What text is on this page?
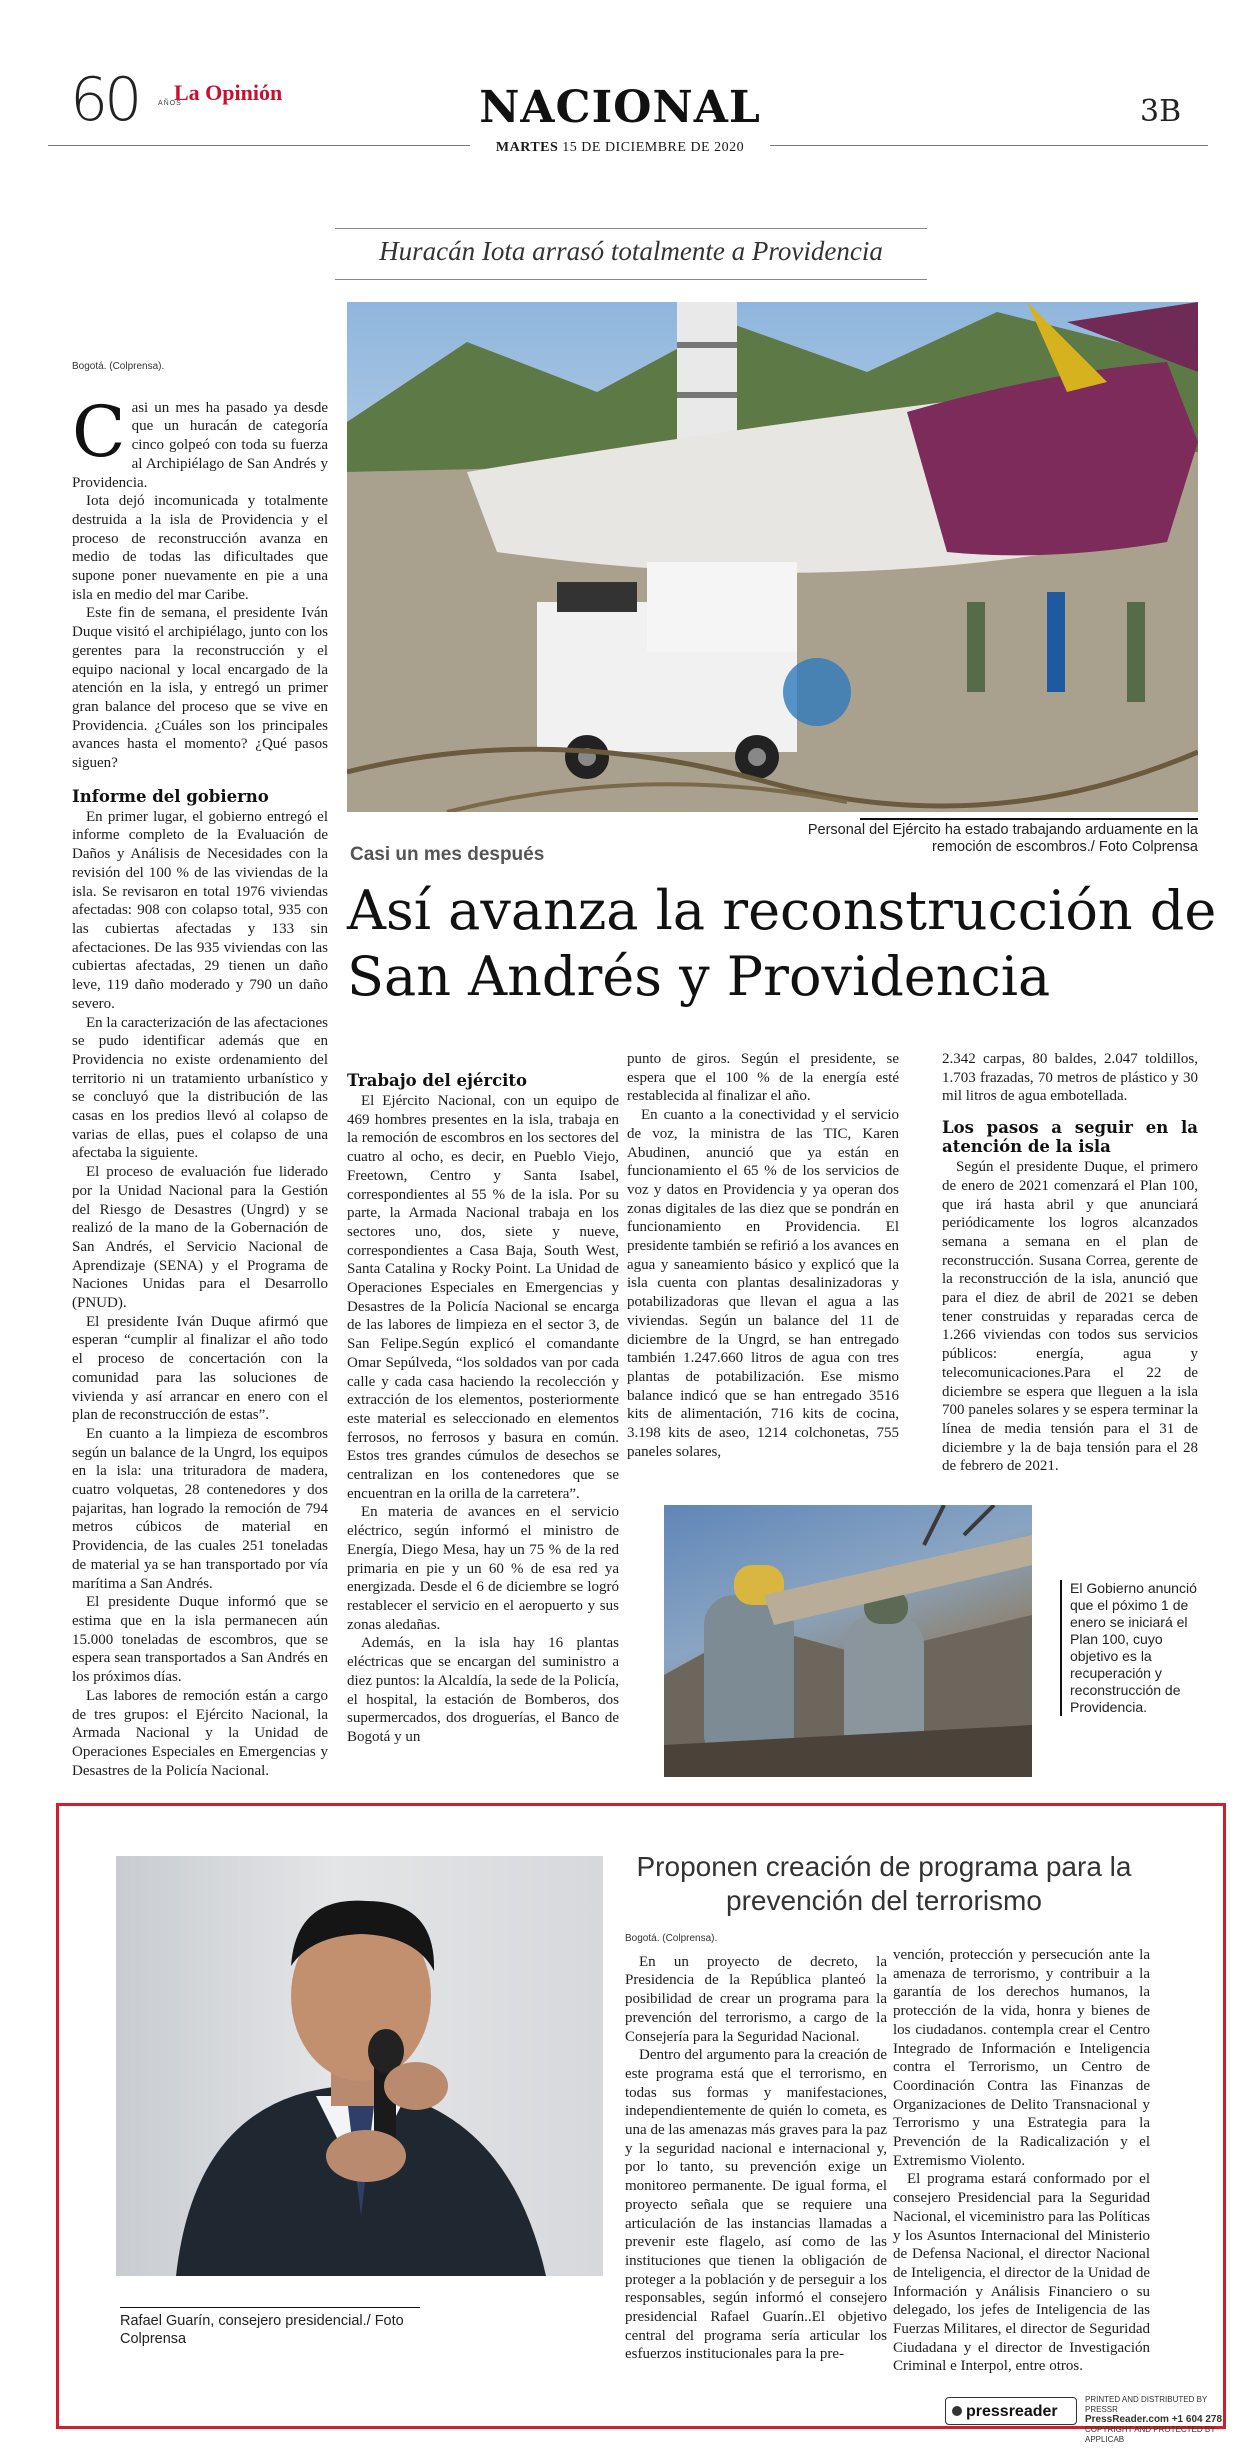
60	AÑOS
La Opinión	NACIONAL	3B
MARTES 15 DE DICIEMBRE DE 2020
Huracán Iota arrasó totalmente a Providencia
Personal del Ejército ha estado trabajando arduamente en la remoción de escombros./ Foto Colprensa
Casi un mes después
Así avanza la reconstrucción de San Andrés y Providencia
Bogotá. (Colprensa).

Casi un mes ha pasado ya desde que un huracán de categoría cinco golpeó con toda su fuerza al Archipiélago de San Andrés y Providencia.

Iota dejó incomunicada y totalmente destruida a la isla de Providencia y el proceso de reconstrucción avanza en medio de todas las dificultades que supone poner nuevamente en pie a una isla en medio del mar Caribe.

Este fin de semana, el presidente Iván Duque visitó el archipiélago, junto con los gerentes para la reconstrucción y el equipo nacional y local encargado de la atención en la isla, y entregó un primer gran balance del proceso que se vive en Providencia. ¿Cuáles son los principales avances hasta el momento? ¿Qué pasos siguen?

Informe del gobierno

En primer lugar, el gobierno entregó el informe completo de la Evaluación de Daños y Análisis de Necesidades con la revisión del 100 % de las viviendas de la isla. Se revisaron en total 1976 viviendas afectadas: 908 con colapso total, 935 con las cubiertas afectadas y 133 sin afectaciones. De las 935 viviendas con las cubiertas afectadas, 29 tienen un daño leve, 119 daño moderado y 790 un daño severo.

En la caracterización de las afectaciones se pudo identificar además que en Providencia no existe ordenamiento del territorio ni un tratamiento urbanístico y se concluyó que la distribución de las casas en los predios llevó al colapso de varias de ellas, pues el colapso de una afectaba la siguiente.

El proceso de evaluación fue liderado por la Unidad Nacional para la Gestión del Riesgo de Desastres (Ungrd) y se realizó de la mano de la Gobernación de San Andrés, el Servicio Nacional de Aprendizaje (SENA) y el Programa de Naciones Unidas para el Desarrollo (PNUD).

El presidente Iván Duque afirmó que esperan “cumplir al finalizar el año todo el proceso de concertación con la comunidad para las soluciones de vivienda y así arrancar en enero con el plan de reconstrucción de estas”.

En cuanto a la limpieza de escombros según un balance de la Ungrd, los equipos en la isla: una trituradora de madera, cuatro volquetas, 28 contenedores y dos pajaritas, han logrado la remoción de 794 metros cúbicos de material en Providencia, de las cuales 251 toneladas de material ya se han transportado por vía marítima a San Andrés.

El presidente Duque informó que se estima que en la isla permanecen aún 15.000 toneladas de escombros, que se espera sean transportados a San Andrés en los próximos días.

Las labores de remoción están a cargo de tres grupos: el Ejército Nacional, la Armada Nacional y la Unidad de Operaciones Especiales en Emergencias y Desastres de la Policía Nacional.

Trabajo del ejército

El Ejército Nacional, con un equipo de 469 hombres presentes en la isla, trabaja en la remoción de escombros en los sectores del cuatro al ocho, es decir, en Pueblo Viejo, Freetown, Centro y Santa Isabel, correspondientes al 55 % de la isla. Por su parte, la Armada Nacional trabaja en los sectores uno, dos, siete y nueve, correspondientes a Casa Baja, South West, Santa Catalina y Rocky Point. La Unidad de Operaciones Especiales en Emergencias y Desastres de la Policía Nacional se encarga de las labores de limpieza en el sector 3, de San Felipe.Según explicó el comandante Omar Sepúlveda, “los soldados van por cada calle y cada casa haciendo la recolección y extracción de los elementos, posteriormente este material es seleccionado en elementos ferrosos, no ferrosos y basura en común. Estos tres grandes cúmulos de desechos se centralizan en los contenedores que se encuentran en la orilla de la carretera”.

En materia de avances en el servicio eléctrico, según informó el ministro de Energía, Diego Mesa, hay un 75 % de la red primaria en pie y un 60 % de esa red ya energizada. Desde el 6 de diciembre se logró restablecer el servicio en el aeropuerto y sus zonas aledañas.

Además, en la isla hay 16 plantas eléctricas que se encargan del suministro a diez puntos: la Alcaldía, la sede de la Policía, el hospital, la estación de Bomberos, dos supermercados, dos droguerías, el Banco de Bogotá y un

punto de giros. Según el presidente, se espera que el 100 % de la energía esté restablecida al finalizar el año.

En cuanto a la conectividad y el servicio de voz, la ministra de las TIC, Karen Abudinen, anunció que ya están en funcionamiento el 65 % de los servicios de voz y datos en Providencia y ya operan dos zonas digitales de las diez que se pondrán en funcionamiento en Providencia. El presidente también se refirió a los avances en agua y saneamiento básico y explicó que la isla cuenta con plantas desalinizadoras y potabilizadoras que llevan el agua a las viviendas. Según un balance del 11 de diciembre de la Ungrd, se han entregado también 1.247.660 litros de agua con tres plantas de potabilización. Ese mismo balance indicó que se han entregado 3516 kits de alimentación, 716 kits de cocina, 3.198 kits de aseo, 1214 colchonetas, 755 paneles solares,

2.342 carpas, 80 baldes, 2.047 toldillos, 1.703 frazadas, 70 metros de plástico y 30 mil litros de agua embotellada.

Los pasos a seguir en la atención de la isla

Según el presidente Duque, el primero de enero de 2021 comenzará el Plan 100, que irá hasta abril y que anunciará periódicamente los logros alcanzados semana a semana en el plan de reconstrucción. Susana Correa, gerente de la reconstrucción de la isla, anunció que para el diez de abril de 2021 se deben tener construidas y reparadas cerca de 1.266 viviendas con todos sus servicios públicos: energía, agua y telecomunicaciones.Para el 22 de diciembre se espera que lleguen a la isla 700 paneles solares y se espera terminar la línea de media tensión para el 31 de diciembre y la de baja tensión para el 28 de febrero de 2021.

El Gobierno anunció que el póximo 1 de enero se iniciará el Plan 100, cuyo objetivo es la recuperación y reconstrucción de Providencia.
Rafael Guarín, consejero presidencial./ Foto Colprensa
Proponen creación de programa para la prevención del terrorismo
Bogotá. (Colprensa).

En un proyecto de decreto, la Presidencia de la República planteó la posibilidad de crear un programa para la prevención del terrorismo, a cargo de la Consejería para la Seguridad Nacional.

Dentro del argumento para la creación de este programa está que el terrorismo, en todas sus formas y manifestaciones, independientemente de quién lo cometa, es una de las amenazas más graves para la paz y la seguridad nacional e internacional y, por lo tanto, su prevención exige un monitoreo permanente. De igual forma, el proyecto señala que se requiere una articulación de las instancias llamadas a prevenir este flagelo, así como de las instituciones que tienen la obligación de proteger a la población y de perseguir a los responsables, según informó el consejero presidencial Rafael Guarín..El objetivo central del programa sería articular los esfuerzos institucionales para la pre-

vención, protección y persecución ante la amenaza de terrorismo, y contribuir a la garantía de los derechos humanos, la protección de la vida, honra y bienes de los ciudadanos. contempla crear el Centro Integrado de Información e Inteligencia contra el Terrorismo, un Centro de Coordinación Contra las Finanzas de Organizaciones de Delito Transnacional y Terrorismo y una Estrategia para la Prevención de la Radicalización y el Extremismo Violento.

El programa estará conformado por el consejero Presidencial para la Seguridad Nacional, el viceministro para las Políticas y los Asuntos Internacional del Ministerio de Defensa Nacional, el director Nacional de Inteligencia, el director de la Unidad de Información y Análisis Financiero o su delegado, los jefes de Inteligencia de las Fuerzas Militares, el director de Seguridad Ciudadana y el director de Investigación Criminal e Interpol, entre otros.

pressreader
PRINTED AND DISTRIBUTED BY PRESSR
PressReader.com +1 604 278
COPYRIGHT AND PROTECTED BY APPLICAB
